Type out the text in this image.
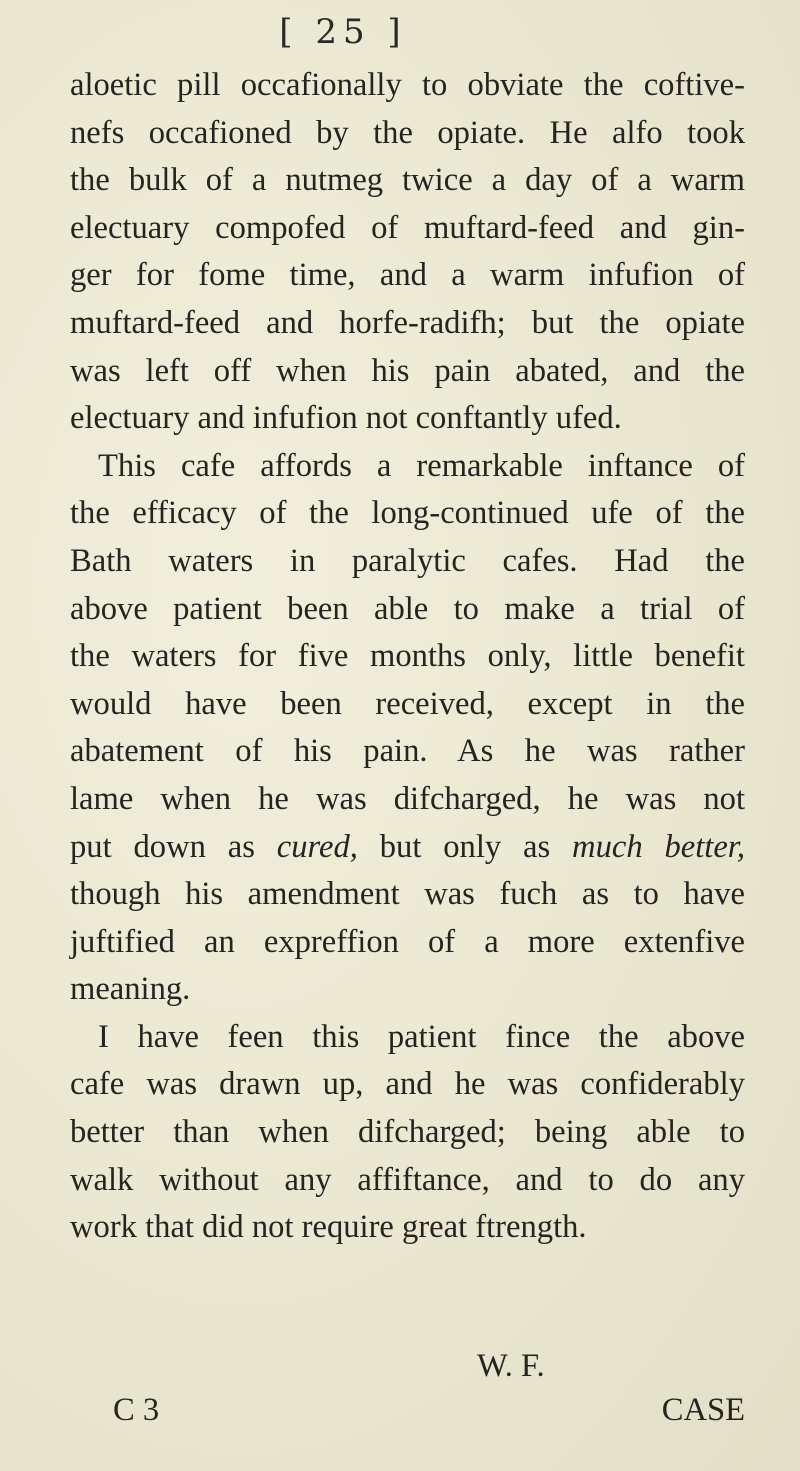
[ 25 ]
aloetic pill occafionally to obviate the coftive-
nefs occafioned by the opiate. He alfo took
the bulk of a nutmeg twice a day of a warm
electuary compofed of muftard-feed and gin-
ger for fome time, and a warm infufion of
muftard-feed and horfe-radifh; but the opiate
was left off when his pain abated, and the
electuary and infufion not conftantly ufed.
This cafe affords a remarkable inftance of
the efficacy of the long-continued ufe of the
Bath waters in paralytic cafes. Had the
above patient been able to make a trial of
the waters for five months only, little benefit
would have been received, except in the
abatement of his pain. As he was rather
lame when he was difcharged, he was not
put down as cured, but only as much better,
though his amendment was fuch as to have
juftified an expreffion of a more extenfive
meaning.
I have feen this patient fince the above
cafe was drawn up, and he was confiderably
better than when difcharged; being able to
walk without any affiftance, and to do any
work that did not require great ftrength.
W. F.
C 3	CASE
